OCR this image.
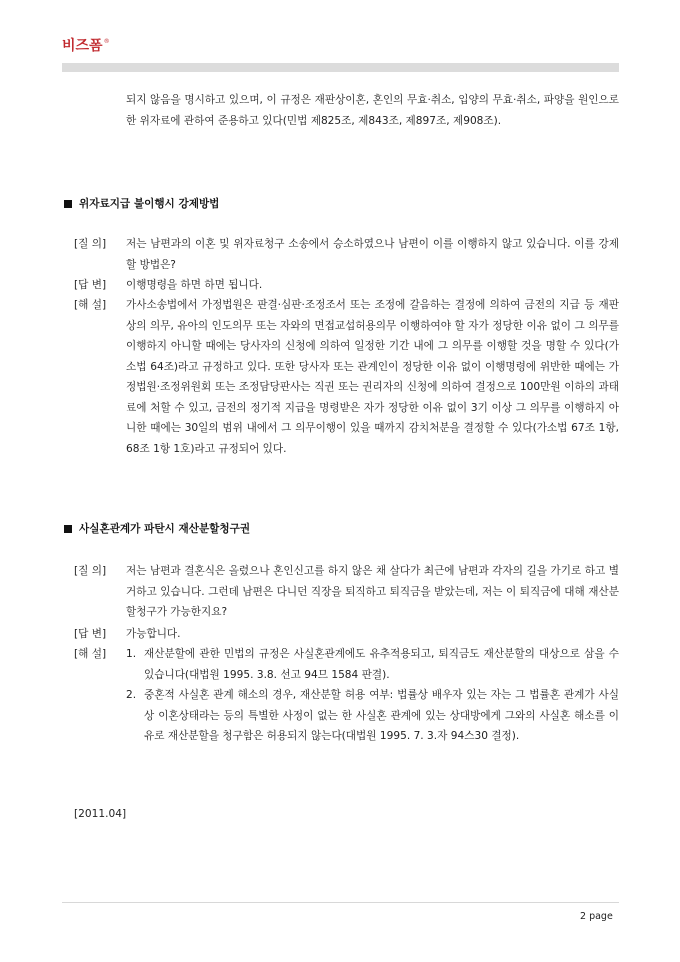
비즈폼 ®
되지 않음을 명시하고 있으며, 이 규정은 재판상이혼, 혼인의 무효·취소, 입양의 무효·취소, 파양을 원인으로 한 위자료에 관하여 준용하고 있다(민법 제825조, 제843조, 제897조, 제908조).
위자료지급 불이행시 강제방법
[질 의]	저는 남편과의 이혼 및 위자료청구 소송에서 승소하였으나 남편이 이를 이행하지 않고 있습니다. 이를 강제할 방법은?
[답 변]	이행명령을 하면 하면 됩니다.
[해 설]	가사소송법에서 가정법원은 판결·심판·조정조서 또는 조정에 갈음하는 결정에 의하여 금전의 지급 등 재판상의 의무, 유아의 인도의무 또는 자와의 면접교섭허용의무 이행하여야 할 자가 정당한 이유 없이 그 의무를 이행하지 아니할 때에는 당사자의 신청에 의하여 일정한 기간 내에 그 의무를 이행할 것을 명할 수 있다(가소법 64조)라고 규정하고 있다. 또한 당사자 또는 관계인이 정당한 이유 없이 이행명령에 위반한 때에는 가정법원·조정위원회 또는 조정담당판사는 직권 또는 권리자의 신청에 의하여 결정으로 100만원 이하의 과태료에 처할 수 있고, 금전의 정기적 지급을 명령받은 자가 정당한 이유 없이 3기 이상 그 의무를 이행하지 아니한 때에는 30일의 범위 내에서 그 의무이행이 있을 때까지 감치처분을 결정할 수 있다(가소법 67조 1항, 68조 1항 1호)라고 규정되어 있다.
사실혼관계가 파탄시 재산분할청구권
[질 의]	저는 남편과 결혼식은 올렸으나 혼인신고를 하지 않은 채 살다가 최근에 남편과 각자의 길을 가기로 하고 별거하고 있습니다. 그런데 남편은 다니던 직장을 퇴직하고 퇴직금을 받았는데, 저는 이 퇴직금에 대해 재산분할청구가 가능한지요?
[답 변]	가능합니다.
[해 설]	1. 재산분할에 관한 민법의 규정은 사실혼관계에도 유추적용되고, 퇴직금도 재산분할의 대상으로 삼을 수 있습니다(대법원 1995. 3.8. 선고 94므 1584 판결).
2. 중혼적 사실혼 관계 해소의 경우, 재산분할 허용 여부: 법률상 배우자 있는 자는 그 법률혼 관계가 사실상 이혼상태라는 등의 특별한 사정이 없는 한 사실혼 관계에 있는 상대방에게 그와의 사실혼 해소를 이유로 재산분할을 청구함은 허용되지 않는다(대법원 1995. 7. 3.자 94스30 결정).
[2011.04]
2 page
